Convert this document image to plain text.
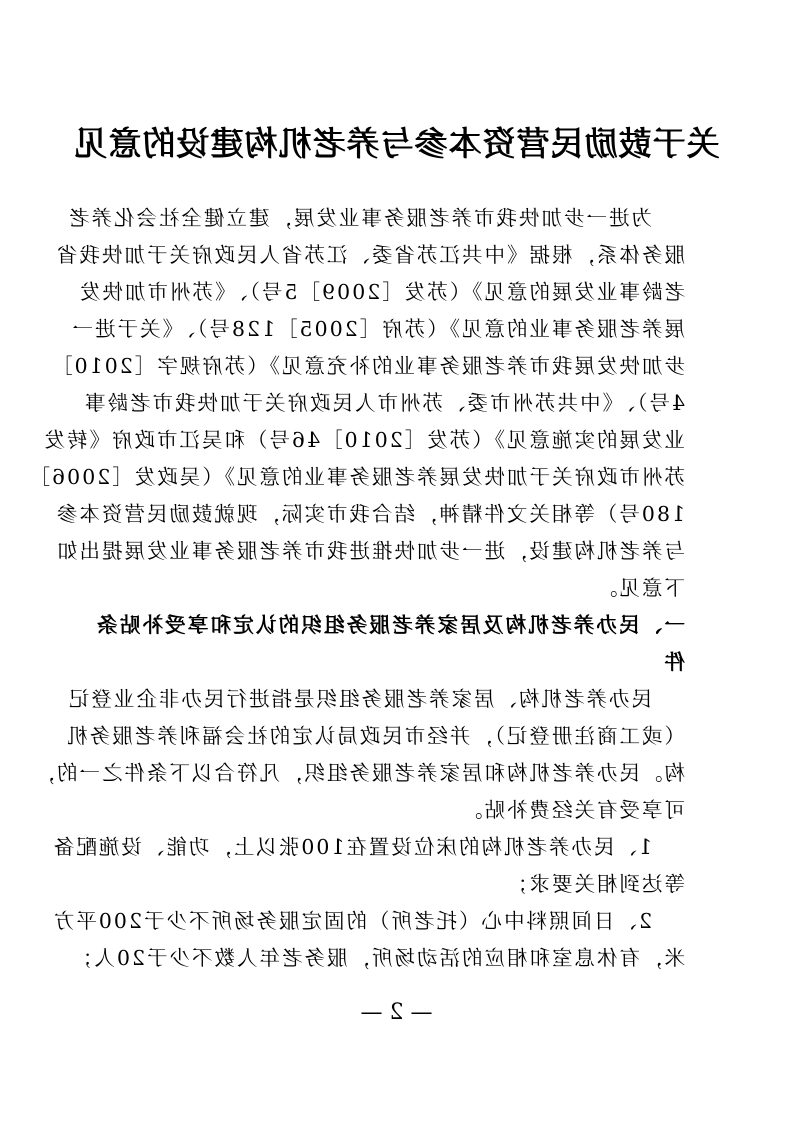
关于鼓励民营资本参与养老机构建设的意见
为进一步加快我市养老服务事业发展，建立健全社会化养老
服务体系，根据《中共江苏省委、江苏省人民政府关于加快我省
老龄事业发展的意见》（苏发［2009］5号）、《苏州市加快发
展养老服务事业的意见》（苏府［2005］128号）、《关于进一
步加快发展我市养老服务事业的补充意见》（苏府规字［2010］
4号）、《中共苏州市委、苏州市人民政府关于加快我市老龄事
业发展的实施意见》（苏发［2010］46号）和吴江市政府《转发
苏州市政府关于加快发展养老服务事业的意见》（吴政发［2006］
180号）等相关文件精神，结合我市实际，现就鼓励民营资本参
与养老机构建设，进一步加快推进我市养老服务事业发展提出如
下意见。
一、民办养老机构及居家养老服务组织的认定和享受补贴条
件
民办养老机构、居家养老服务组织是指进行民办非企业登记
（或工商注册登记），并经市民政局认定的社会福利养老服务机
构。民办养老机构和居家养老服务组织，凡符合以下条件之一的，
可享受有关经费补贴。
1、民办养老机构的床位设置在100张以上，功能、设施配备
等达到相关要求；
2、日间照料中心（托老所）的固定服务场所不少于200平方
米，有休息室和相应的活动场所，服务老年人数不少于20人；
— 2 —
